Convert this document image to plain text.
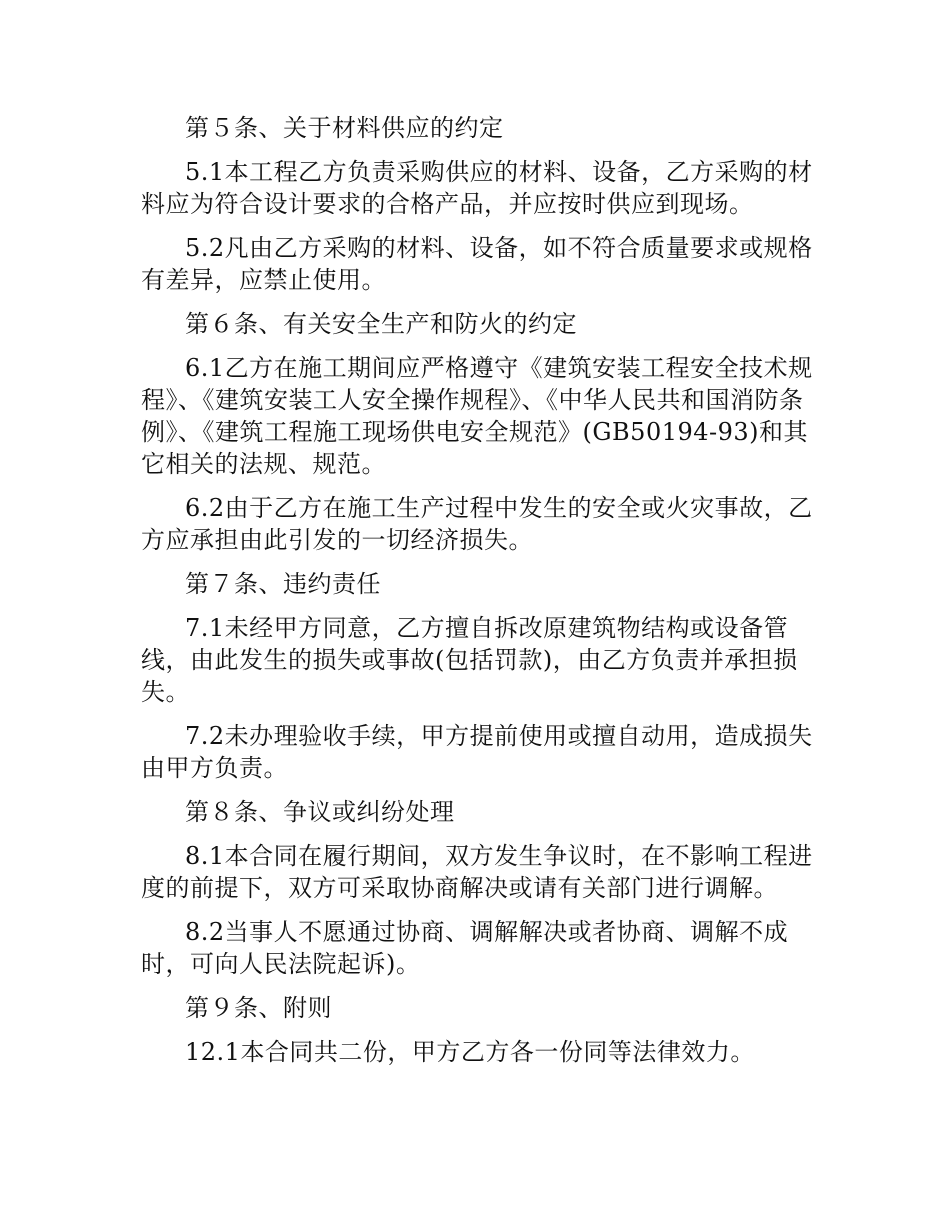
第５条、关于材料供应的约定

5.1本工程乙方负责采购供应的材料、设备，乙方采购的材料应为符合设计要求的合格产品，并应按时供应到现场。

5.2凡由乙方采购的材料、设备，如不符合质量要求或规格有差异，应禁止使用。

第６条、有关安全生产和防火的约定

6.1乙方在施工期间应严格遵守《建筑安装工程安全技术规程》、《建筑安装工人安全操作规程》、《中华人民共和国消防条例》、《建筑工程施工现场供电安全规范》(GB50194-93)和其它相关的法规、规范。

6.2由于乙方在施工生产过程中发生的安全或火灾事故，乙方应承担由此引发的一切经济损失。

第７条、违约责任

7.1未经甲方同意，乙方擅自拆改原建筑物结构或设备管线，由此发生的损失或事故(包括罚款)，由乙方负责并承担损失。

7.2未办理验收手续，甲方提前使用或擅自动用，造成损失由甲方负责。

第８条、争议或纠纷处理

8.1本合同在履行期间，双方发生争议时，在不影响工程进度的前提下，双方可采取协商解决或请有关部门进行调解。

8.2当事人不愿通过协商、调解解决或者协商、调解不成时，可向人民法院起诉)。

第９条、附则

12.1本合同共二份，甲方乙方各一份同等法律效力。
